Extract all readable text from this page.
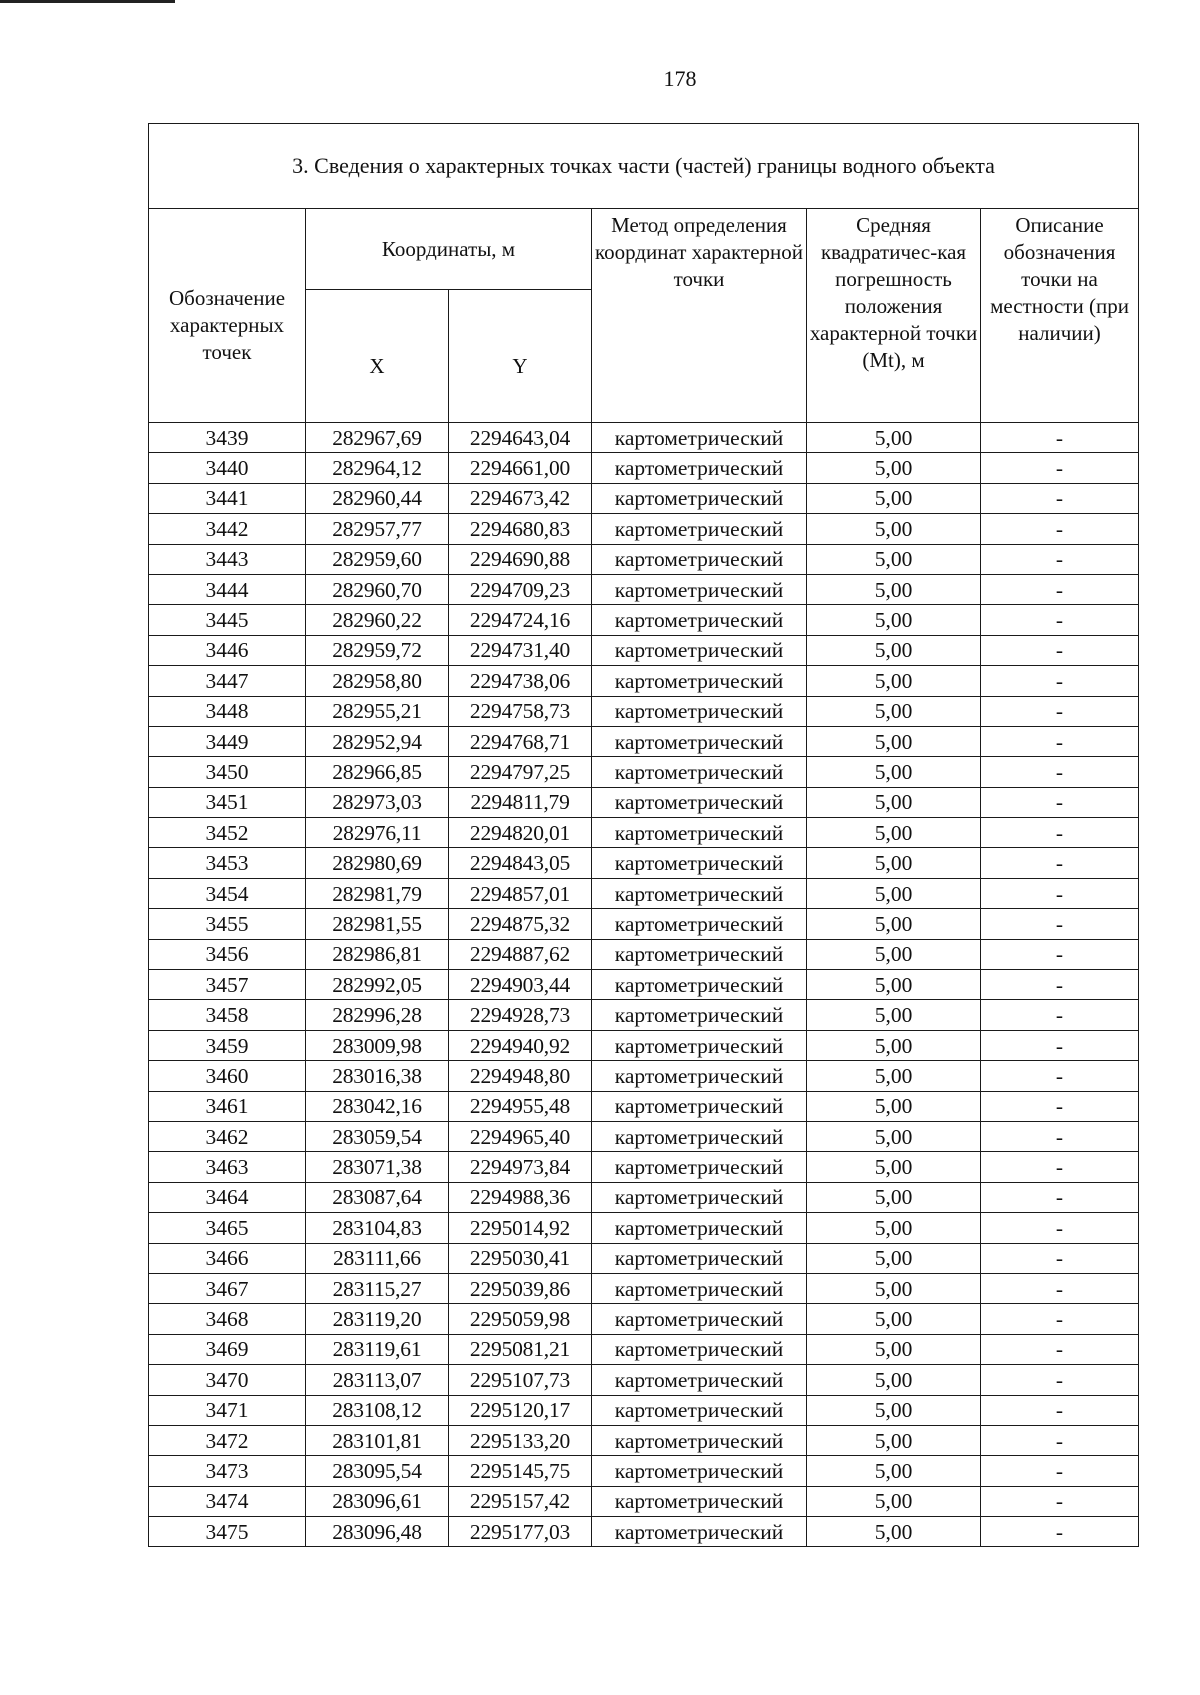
178
3. Сведения о характерных точках части (частей) границы водного объекта					
Обозначение характерных точек	Координаты, м		Метод определения координат характерной точки	Средняя квадратичес-кая погрешность положения характерной точки (Mt), м	Описание обозначения точки на местности (при наличии)
	X	Y			
3439	282967,69	2294643,04	картометрический	5,00	-
3440	282964,12	2294661,00	картометрический	5,00	-
3441	282960,44	2294673,42	картометрический	5,00	-
3442	282957,77	2294680,83	картометрический	5,00	-
3443	282959,60	2294690,88	картометрический	5,00	-
3444	282960,70	2294709,23	картометрический	5,00	-
3445	282960,22	2294724,16	картометрический	5,00	-
3446	282959,72	2294731,40	картометрический	5,00	-
3447	282958,80	2294738,06	картометрический	5,00	-
3448	282955,21	2294758,73	картометрический	5,00	-
3449	282952,94	2294768,71	картометрический	5,00	-
3450	282966,85	2294797,25	картометрический	5,00	-
3451	282973,03	2294811,79	картометрический	5,00	-
3452	282976,11	2294820,01	картометрический	5,00	-
3453	282980,69	2294843,05	картометрический	5,00	-
3454	282981,79	2294857,01	картометрический	5,00	-
3455	282981,55	2294875,32	картометрический	5,00	-
3456	282986,81	2294887,62	картометрический	5,00	-
3457	282992,05	2294903,44	картометрический	5,00	-
3458	282996,28	2294928,73	картометрический	5,00	-
3459	283009,98	2294940,92	картометрический	5,00	-
3460	283016,38	2294948,80	картометрический	5,00	-
3461	283042,16	2294955,48	картометрический	5,00	-
3462	283059,54	2294965,40	картометрический	5,00	-
3463	283071,38	2294973,84	картометрический	5,00	-
3464	283087,64	2294988,36	картометрический	5,00	-
3465	283104,83	2295014,92	картометрический	5,00	-
3466	283111,66	2295030,41	картометрический	5,00	-
3467	283115,27	2295039,86	картометрический	5,00	-
3468	283119,20	2295059,98	картометрический	5,00	-
3469	283119,61	2295081,21	картометрический	5,00	-
3470	283113,07	2295107,73	картометрический	5,00	-
3471	283108,12	2295120,17	картометрический	5,00	-
3472	283101,81	2295133,20	картометрический	5,00	-
3473	283095,54	2295145,75	картометрический	5,00	-
3474	283096,61	2295157,42	картометрический	5,00	-
3475	283096,48	2295177,03	картометрический	5,00	-
